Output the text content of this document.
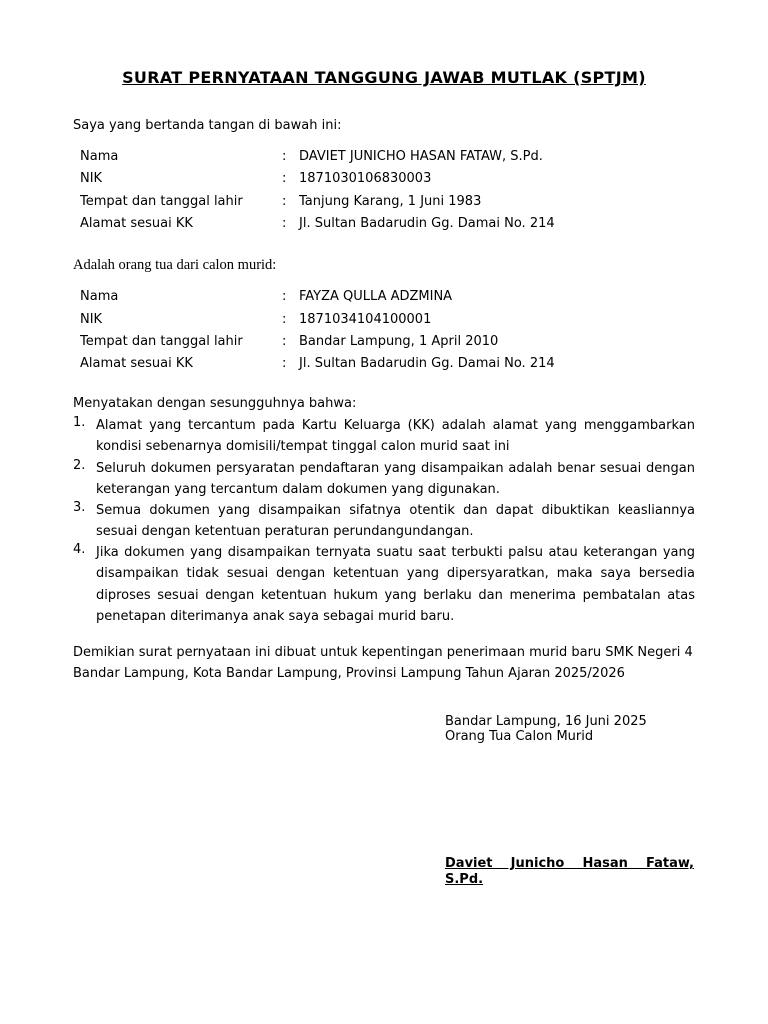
SURAT PERNYATAAN TANGGUNG JAWAB MUTLAK (SPTJM)
Saya yang bertanda tangan di bawah ini:
Nama	: DAVIET JUNICHO HASAN FATAW, S.Pd.
NIK	: 1871030106830003
Tempat dan tanggal lahir	: Tanjung Karang, 1 Juni 1983
Alamat sesuai KK	: Jl. Sultan Badarudin Gg. Damai No. 214
Adalah orang tua dari calon murid:
Nama	: FAYZA QULLA ADZMINA
NIK	: 1871034104100001
Tempat dan tanggal lahir	: Bandar Lampung, 1 April 2010
Alamat sesuai KK	: Jl. Sultan Badarudin Gg. Damai No. 214
Menyatakan dengan sesungguhnya bahwa:
1. Alamat yang tercantum pada Kartu Keluarga (KK) adalah alamat yang menggambarkan kondisi sebenarnya domisili/tempat tinggal calon murid saat ini
2. Seluruh dokumen persyaratan pendaftaran yang disampaikan adalah benar sesuai dengan keterangan yang tercantum dalam dokumen yang digunakan.
3. Semua dokumen yang disampaikan sifatnya otentik dan dapat dibuktikan keasliannya sesuai dengan ketentuan peraturan perundangundangan.
4. Jika dokumen yang disampaikan ternyata suatu saat terbukti palsu atau keterangan yang disampaikan tidak sesuai dengan ketentuan yang dipersyaratkan, maka saya bersedia diproses sesuai dengan ketentuan hukum yang berlaku dan menerima pembatalan atas penetapan diterimanya anak saya sebagai murid baru.
Demikian surat pernyataan ini dibuat untuk kepentingan penerimaan murid baru SMK Negeri 4 Bandar Lampung, Kota Bandar Lampung, Provinsi Lampung Tahun Ajaran 2025/2026
Bandar Lampung, 16 Juni 2025
Orang Tua Calon Murid
Daviet Junicho Hasan Fataw,
S.Pd.
